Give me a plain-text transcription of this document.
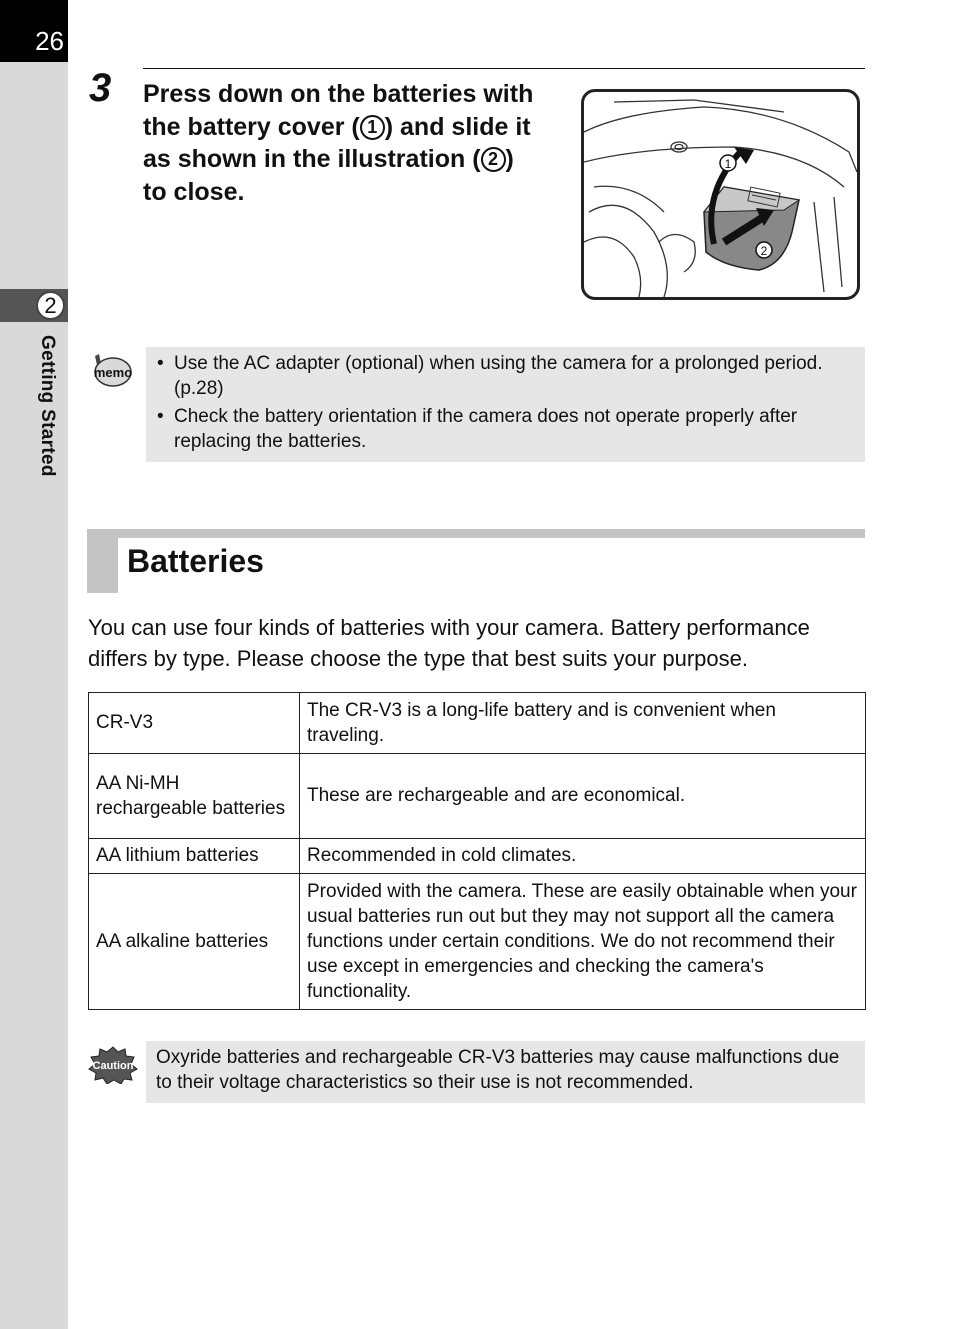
26
2
Getting Started
3 Press down on the batteries with the battery cover ( 1 ) and slide it as shown in the illustration ( 2 ) to close.
1
2
memo	• Use the AC adapter (optional) when using the camera for a prolonged period. (p.28)
• Check the battery orientation if the camera does not operate properly after replacing the batteries.
Batteries
You can use four kinds of batteries with your camera. Battery performance differs by type. Please choose the type that best suits your purpose.
CR-V3	The CR-V3 is a long-life battery and is convenient when traveling.
AA Ni-MH rechargeable batteries	These are rechargeable and are economical.
AA lithium batteries	Recommended in cold climates.
AA alkaline batteries	Provided with the camera. These are easily obtainable when your usual batteries run out but they may not support all the camera functions under certain conditions. We do not recommend their use except in emergencies and checking the camera's functionality.
Caution	Oxyride batteries and rechargeable CR-V3 batteries may cause malfunctions due to their voltage characteristics so their use is not recommended.
